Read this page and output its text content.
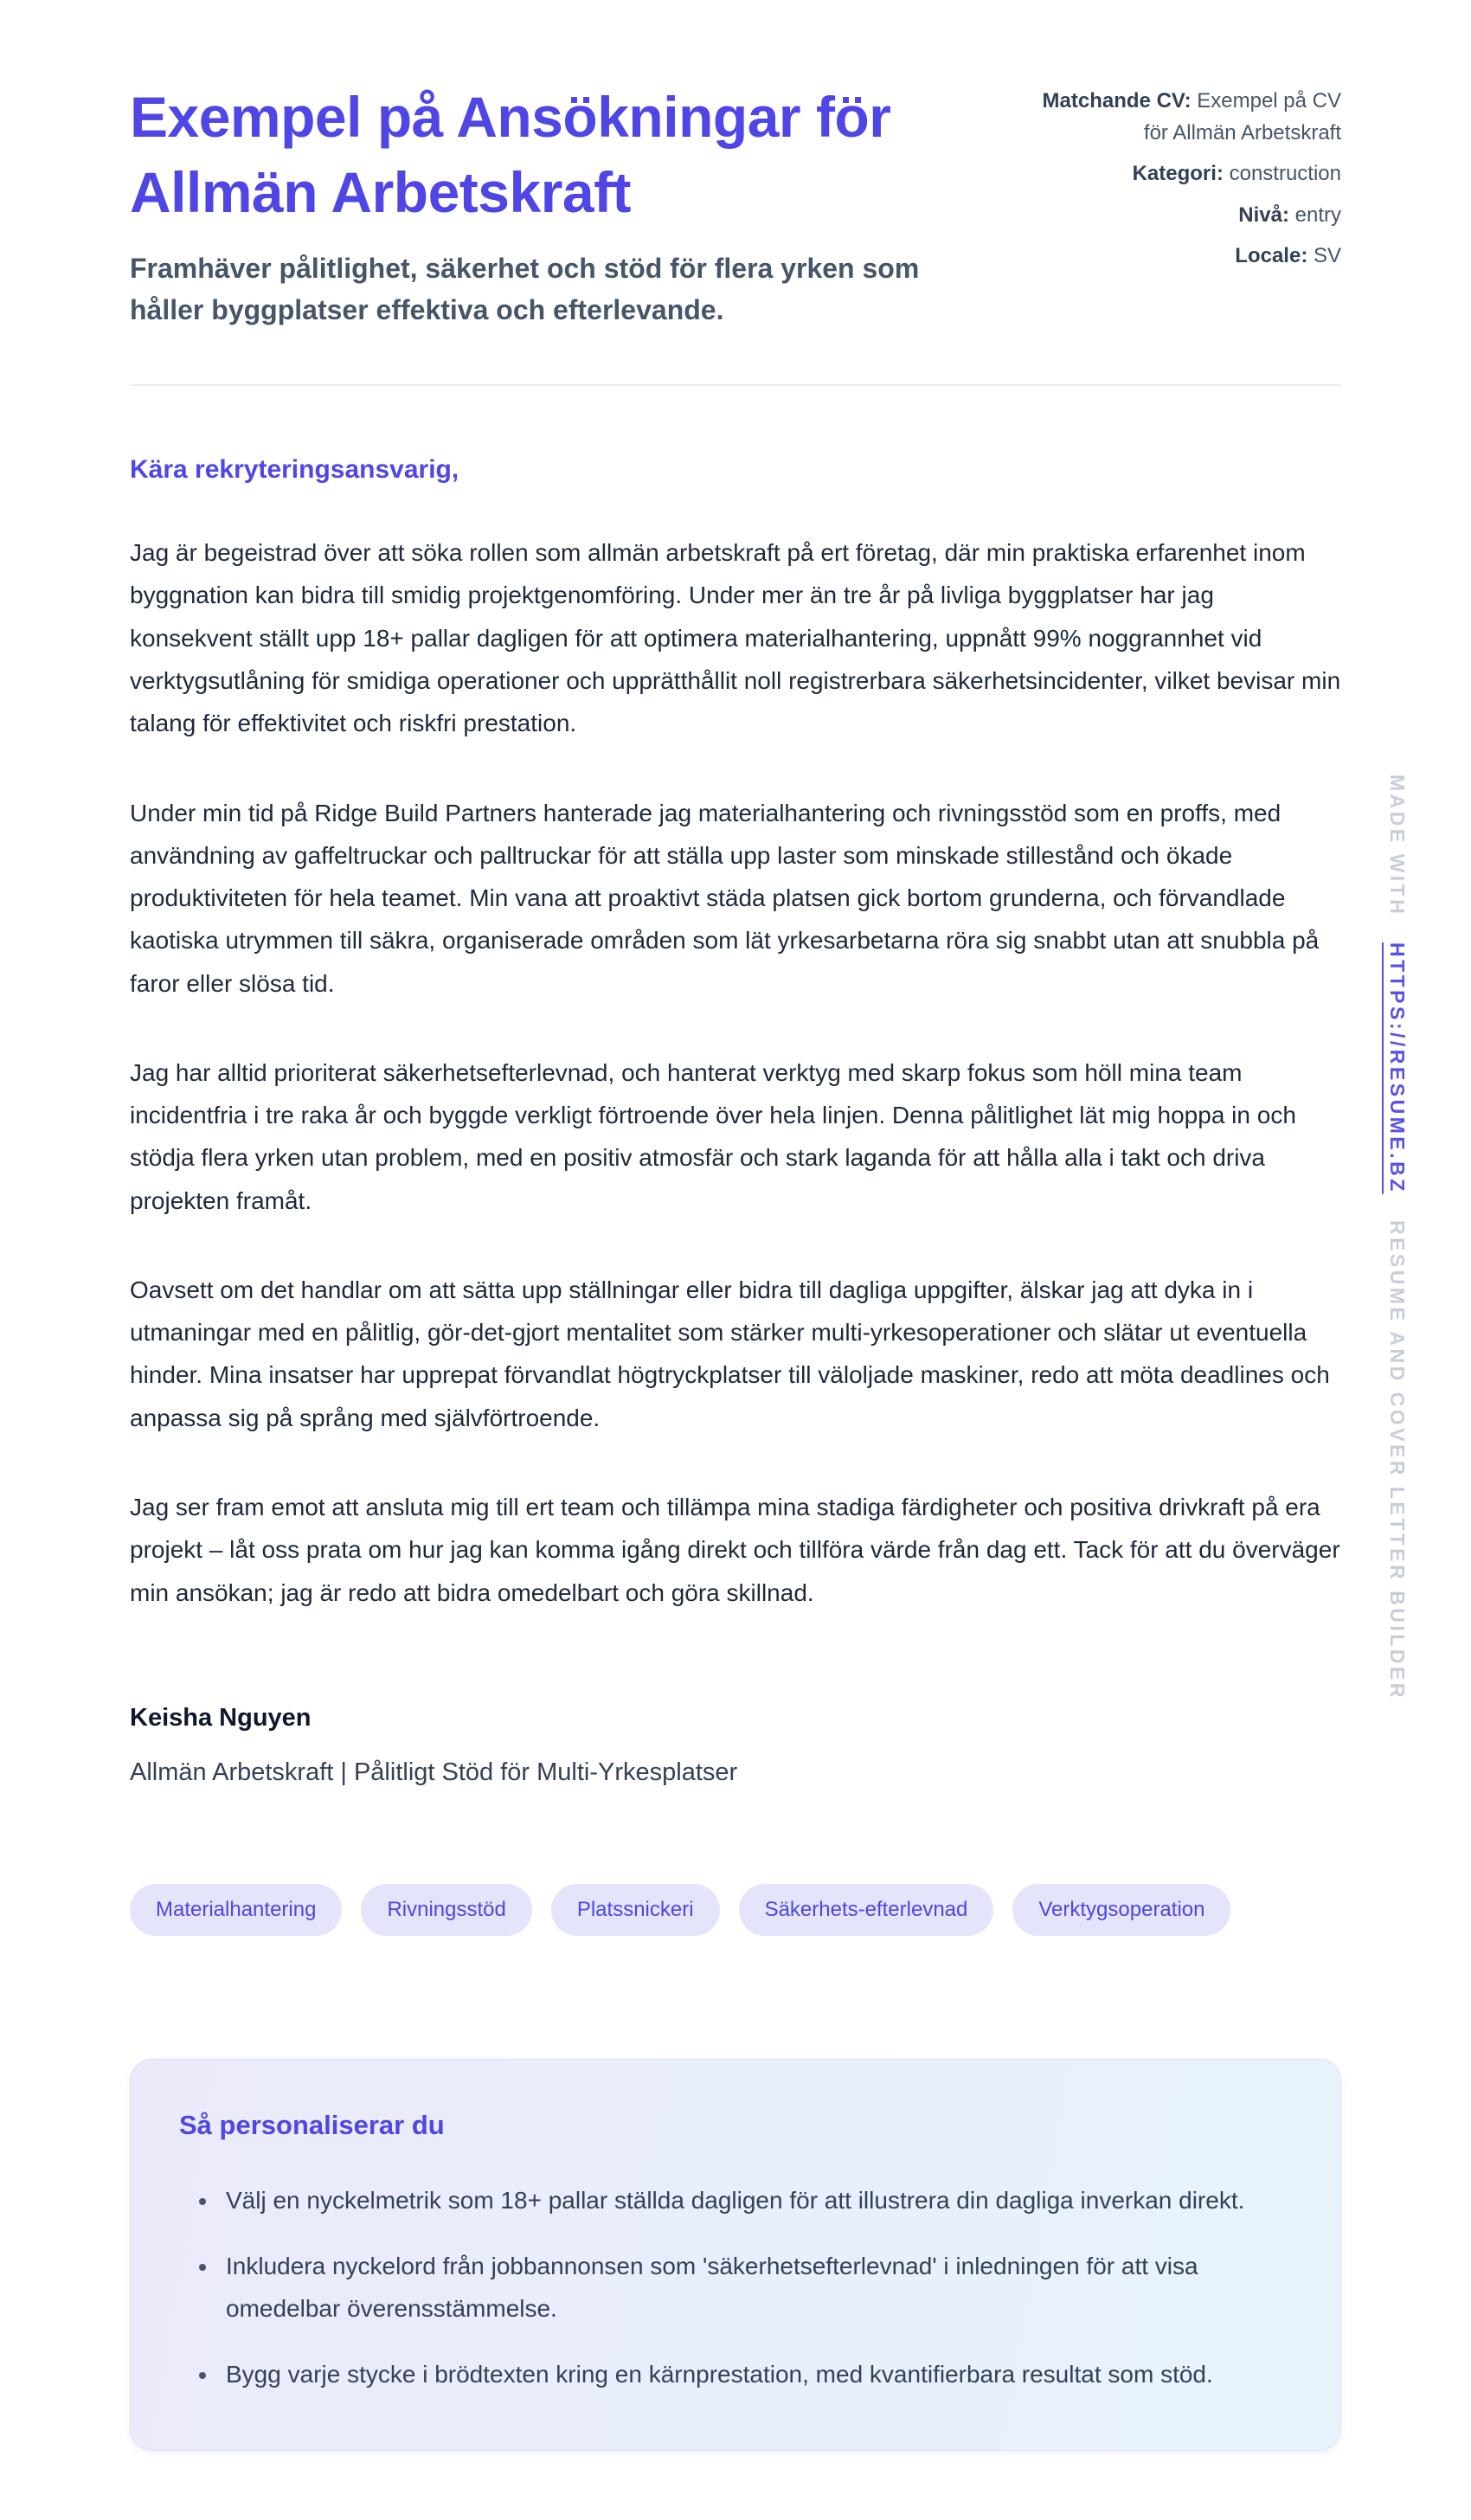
Exempel på Ansökningar för Allmän Arbetskraft

Framhäver pålitlighet, säkerhet och stöd för flera yrken som håller byggplatser effektiva och efterlevande.

Matchande CV: Exempel på CV för Allmän Arbetskraft
Kategori: construction
Nivå: entry
Locale: SV

Kära rekryteringsansvarig,

Jag är begeistrad över att söka rollen som allmän arbetskraft på ert företag, där min praktiska erfarenhet inom byggnation kan bidra till smidig projektgenomföring. Under mer än tre år på livliga byggplatser har jag konsekvent ställt upp 18+ pallar dagligen för att optimera materialhantering, uppnått 99% noggrannhet vid verktygsutlåning för smidiga operationer och upprätthållit noll registrerbara säkerhetsincidenter, vilket bevisar min talang för effektivitet och riskfri prestation.

Under min tid på Ridge Build Partners hanterade jag materialhantering och rivningsstöd som en proffs, med användning av gaffeltruckar och palltruckar för att ställa upp laster som minskade stillestånd och ökade produktiviteten för hela teamet. Min vana att proaktivt städa platsen gick bortom grunderna, och förvandlade kaotiska utrymmen till säkra, organiserade områden som lät yrkesarbetarna röra sig snabbt utan att snubbla på faror eller slösa tid.

Jag har alltid prioriterat säkerhetsefterlevnad, och hanterat verktyg med skarp fokus som höll mina team incidentfria i tre raka år och byggde verkligt förtroende över hela linjen. Denna pålitlighet lät mig hoppa in och stödja flera yrken utan problem, med en positiv atmosfär och stark laganda för att hålla alla i takt och driva projekten framåt.

Oavsett om det handlar om att sätta upp ställningar eller bidra till dagliga uppgifter, älskar jag att dyka in i utmaningar med en pålitlig, gör-det-gjort mentalitet som stärker multi-yrkesoperationer och slätar ut eventuella hinder. Mina insatser har upprepat förvandlat högtryckplatser till väloljade maskiner, redo att möta deadlines och anpassa sig på språng med självförtroende.

Jag ser fram emot att ansluta mig till ert team och tillämpa mina stadiga färdigheter och positiva drivkraft på era projekt – låt oss prata om hur jag kan komma igång direkt och tillföra värde från dag ett. Tack för att du överväger min ansökan; jag är redo att bidra omedelbart och göra skillnad.

Keisha Nguyen

Allmän Arbetskraft | Pålitligt Stöd för Multi-Yrkesplatser

Materialhantering	Rivningsstöd	Platssnickeri	Säkerhets-efterlevnad	Verktygsoperation
Så personaliserar du
• Välj en nyckelmetrik som 18+ pallar ställda dagligen för att illustrera din dagliga inverkan direkt.
• Inkludera nyckelord från jobbannonsen som 'säkerhetsefterlevnad' i inledningen för att visa omedelbar överensstämmelse.
• Bygg varje stycke i brödtexten kring en kärnprestation, med kvantifierbara resultat som stöd.
MADE WITH
HTTPS://RESUME.BZ
RESUME AND COVER LETTER BUILDER
